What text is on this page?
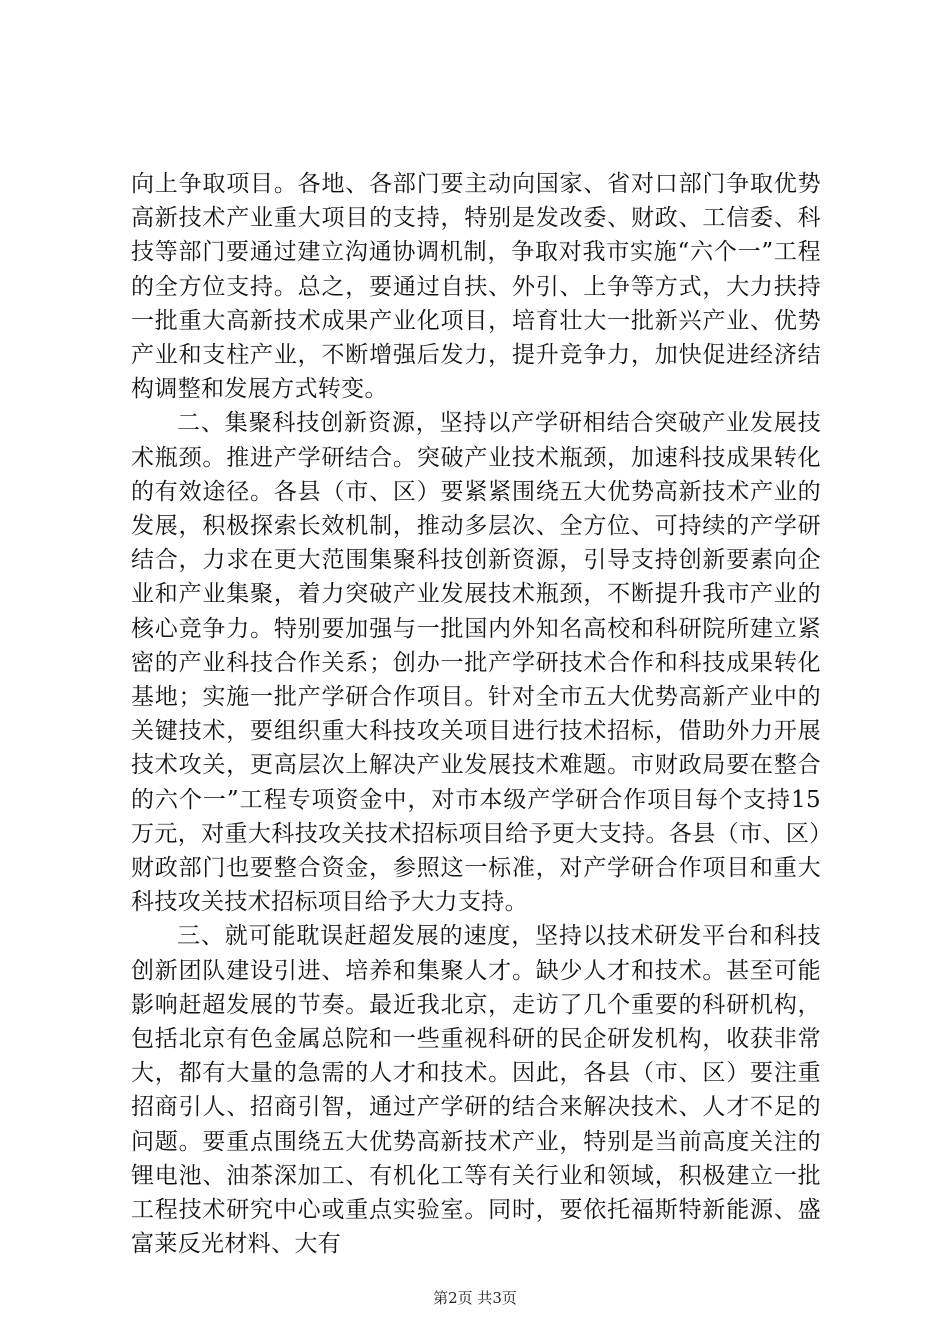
向上争取项目。各地、各部门要主动向国家、省对口部门争取优势高新技术产业重大项目的支持，特别是发改委、财政、工信委、科技等部门要通过建立沟通协调机制，争取对我市实施“六个一”工程的全方位支持。总之，要通过自扶、外引、上争等方式，大力扶持一批重大高新技术成果产业化项目，培育壮大一批新兴产业、优势产业和支柱产业，不断增强后发力，提升竞争力，加快促进经济结构调整和发展方式转变。

二、集聚科技创新资源，坚持以产学研相结合突破产业发展技术瓶颈。推进产学研结合。突破产业技术瓶颈，加速科技成果转化的有效途径。各县（市、区）要紧紧围绕五大优势高新技术产业的发展，积极探索长效机制，推动多层次、全方位、可持续的产学研结合，力求在更大范围集聚科技创新资源，引导支持创新要素向企业和产业集聚，着力突破产业发展技术瓶颈，不断提升我市产业的核心竞争力。特别要加强与一批国内外知名高校和科研院所建立紧密的产业科技合作关系；创办一批产学研技术合作和科技成果转化基地；实施一批产学研合作项目。针对全市五大优势高新产业中的关键技术，要组织重大科技攻关项目进行技术招标，借助外力开展技术攻关，更高层次上解决产业发展技术难题。市财政局要在整合的六个一”工程专项资金中，对市本级产学研合作项目每个支持15万元，对重大科技攻关技术招标项目给予更大支持。各县（市、区）财政部门也要整合资金，参照这一标准，对产学研合作项目和重大科技攻关技术招标项目给予大力支持。

三、就可能耽误赶超发展的速度，坚持以技术研发平台和科技创新团队建设引进、培养和集聚人才。缺少人才和技术。甚至可能影响赶超发展的节奏。最近我北京，走访了几个重要的科研机构，包括北京有色金属总院和一些重视科研的民企研发机构，收获非常大，都有大量的急需的人才和技术。因此，各县（市、区）要注重招商引人、招商引智，通过产学研的结合来解决技术、人才不足的问题。要重点围绕五大优势高新技术产业，特别是当前高度关注的锂电池、油茶深加工、有机化工等有关行业和领域，积极建立一批工程技术研究中心或重点实验室。同时，要依托福斯特新能源、盛富莱反光材料、大有

第2页 共3页
